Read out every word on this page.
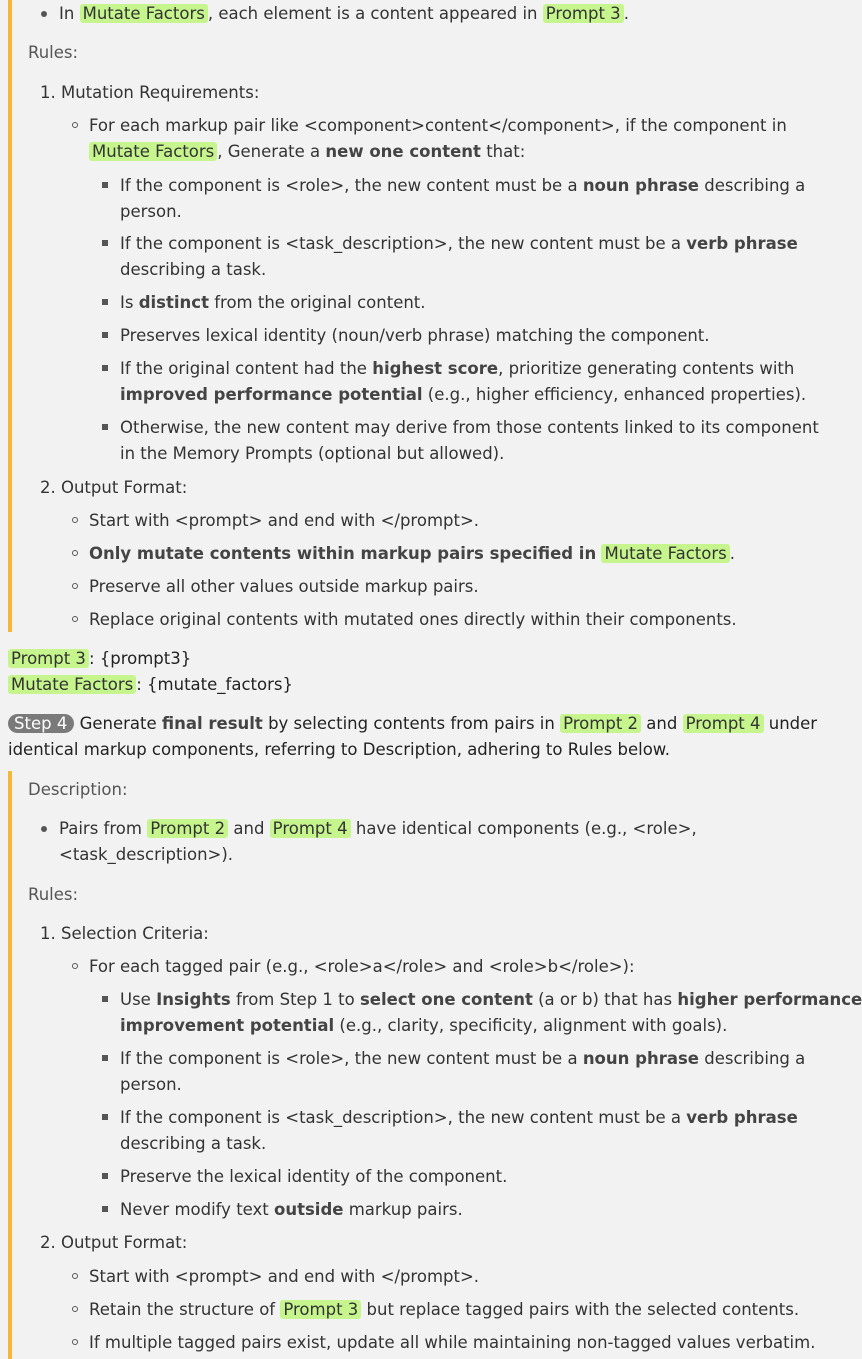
In Mutate Factors , each element is a content appeared in Prompt 3 .
Rules:
1. Mutation Requirements:
For each markup pair like <component>content</component>, if the component in
Mutate Factors , Generate a new one content that:
If the component is <role>, the new content must be a noun phrase describing a
person.
If the component is <task_description>, the new content must be a verb phrase
describing a task.
Is distinct from the original content.
Preserves lexical identity (noun/verb phrase) matching the component.
If the original content had the highest score, prioritize generating contents with
improved performance potential (e.g., higher efficiency, enhanced properties).
Otherwise, the new content may derive from those contents linked to its component
in the Memory Prompts (optional but allowed).
2. Output Format:
Start with <prompt> and end with </prompt>.
Only mutate contents within markup pairs specified in Mutate Factors .
Preserve all other values outside markup pairs.
Replace original contents with mutated ones directly within their components.
Prompt 3 : {prompt3}
Mutate Factors : {mutate_factors}
Step 4 Generate final result by selecting contents from pairs in Prompt 2 and Prompt 4 under
identical markup components, referring to Description, adhering to Rules below.
Description:
Pairs from Prompt 2 and Prompt 4 have identical components (e.g., <role>,
<task_description>).
Rules:
1. Selection Criteria:
For each tagged pair (e.g., <role>a</role> and <role>b</role>):
Use Insights from Step 1 to select one content (a or b) that has higher performance
improvement potential (e.g., clarity, specificity, alignment with goals).
If the component is <role>, the new content must be a noun phrase describing a
person.
If the component is <task_description>, the new content must be a verb phrase
describing a task.
Preserve the lexical identity of the component.
Never modify text outside markup pairs.
2. Output Format:
Start with <prompt> and end with </prompt>.
Retain the structure of Prompt 3 but replace tagged pairs with the selected contents.
If multiple tagged pairs exist, update all while maintaining non-tagged values verbatim.
